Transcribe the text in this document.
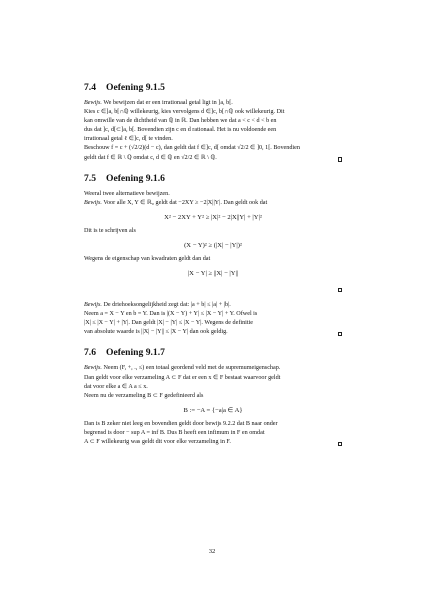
7.4 Oefening 9.1.5

Bewijs. We bewijzen dat er een irrationaal getal ligt in ]a, b[.

Kies c ∈]a, b[∩ℚ willekeurig, kies vervolgens d ∈]c, b[∩ℚ ook willekeurig. Dit

kan omwille van de dichtheid van ℚ in ℝ. Dan hebben we dat a < c < d < b en

dus dat ]c, d[⊂]a, b[. Bovendien zijn c en d rationaal. Het is nu voldoende een

irrationaal getal ℓ ∈]c, d[ te vinden.

Beschouw f = c + (√2/2)(d − c), dan geldt dat f ∈]c, d[ omdat √2/2 ∈ ]0, 1[. Bovendien

geldt dat f ∈ ℝ \ ℚ omdat c, d ∈ ℚ en √2/2 ∈ ℝ \ ℚ.

7.5 Oefening 9.1.6

Weeral twee alternatieve bewijzen.

Bewijs. Voor alle X, Y ∈ ℝ₀ geldt dat −2XY ≥ −2|X||Y|. Dan geldt ook dat

X² − 2XY + Y² ≥ |X|² − 2|X||Y| + |Y|²

Dit is te schrijven als

(X − Y)² ≥ (|X| − |Y|)²

Wegens de eigenschap van kwadraten geldt dan dat

|X − Y| ≥ ||X| − |Y||

Bewijs. De driehoeksongelijkheid zegt dat: |a + b| ≤ |a| + |b|.

Neem a = X − Y en b = Y. Dan is |(X − Y) + Y| ≤ |X − Y| + Y. Ofwel is

|X| ≤ |X − Y| + |Y|. Dan geldt |X| − |Y| ≤ |X − Y|. Wegens de definitie

van absolute waarde is ||X| − |Y|| ≤ |X − Y| dan ook geldig.

7.6 Oefening 9.1.7

Bewijs. Neem (F, +, ., ≤) een totaal geordend veld met de supremumeigenschap.

Dan geldt voor elke verzameling A ⊂ F dat er een x ∈ F bestaat waarvoor geldt

dat voor elke a ∈ A a ≤ x.

Neem nu de verzameling B ⊂ F gedefinieerd als

B := −A = {−a|a ∈ A}

Dan is B zeker niet leeg en bovendien geldt door bewijs 9.2.2 dat B naar onder

begrensd is door − sup A = inf B. Dus B heeft een infimum in F en omdat

A ⊂ F willekeurig was geldt dit voor elke verzameling in F.

32
